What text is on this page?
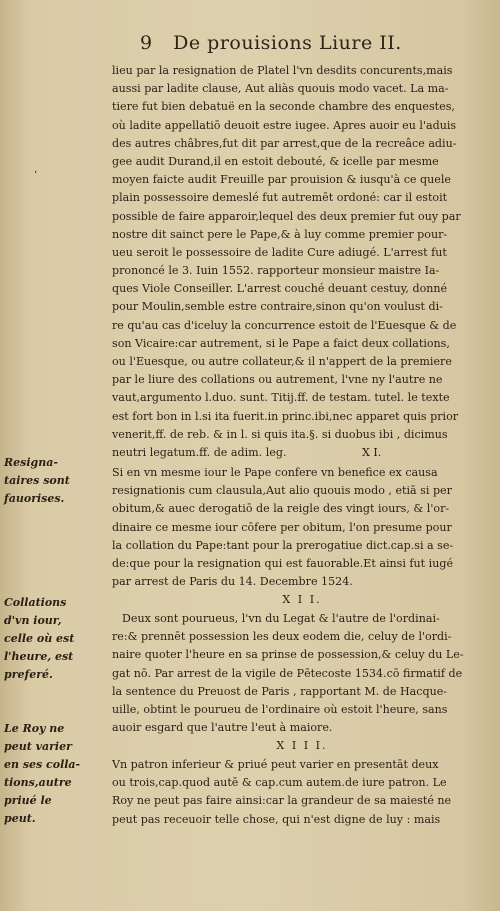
9 De prouisions Liure II.
‘
lieu par la resignation de Platel l'vn desdits concurents,mais
aussi par ladite clause, Aut aliàs quouis modo vacet. La ma-
tiere fut bien debatuë en la seconde chambre des enquestes,
où ladite appellatiō deuoit estre iugee. Apres auoir eu l'aduis
des autres châbres,fut dit par arrest,que de la recreâce adiu-
gee audit Durand,il en estoit debouté, & icelle par mesme
moyen faicte audit Freuille par prouision & iusqu'à ce quele
plain possessoire demeslé fut autremēt ordoné: car il estoit
possible de faire apparoir,lequel des deux premier fut ouy par
nostre dit sainct pere le Pape,& à luy comme premier pour-
ueu seroit le possessoire de ladite Cure adiugé. L'arrest fut
prononcé le 3. Iuin 1552. rapporteur monsieur maistre Ia-
ques Viole Conseiller. L'arrest couché deuant cestuy, donné
pour Moulin,semble estre contraire,sinon qu'on voulust di-
re qu'au cas d'iceluy la concurrence estoit de l'Euesque & de
son Vicaire:car autrement, si le Pape a faict deux collations,
ou l'Euesque, ou autre collateur,& il n'appert de la premiere
par le liure des collations ou autrement, l'vne ny l'autre ne
vaut,argumento l.duo. sunt. Titij.ff. de testam. tutel. le texte
est fort bon in l.si ita fuerit.in princ.ibi,nec apparet quis prior
venerit,ff. de reb. & in l. si quis ita.§. si duobus ibi , dicimus
neutri legatum.ff. de adim. leg.	X I.
Resigna-
taires sont
fauorises.
Si en vn mesme iour le Pape confere vn benefice ex causa
resignationis cum clausula,Aut alio quouis modo , etiā si per
obitum,& auec derogatiō de la reigle des vingt iours, & l'or-
dinaire ce mesme iour cōfere per obitum, l'on presume pour
la collation du Pape:tant pour la prerogatiue dict.cap.si a se-
de:que pour la resignation qui est fauorable.Et ainsi fut iugé
par arrest de Paris du 14. Decembre 1524.
X I I.
Collations
d'vn iour,
celle où est
l'heure, est
preferé.
Deux sont pourueus, l'vn du Legat & l'autre de l'ordinai-
re:& prennēt possession les deux eodem die, celuy de l'ordi-
naire quoter l'heure en sa prinse de possession,& celuy du Le-
gat nō. Par arrest de la vigile de Pētecoste 1534.cō firmatif de
la sentence du Preuost de Paris , rapportant M. de Hacque-
uille, obtint le pourueu de l'ordinaire où estoit l'heure, sans
auoir esgard que l'autre l'eut à maiore.
X I I I.
Le Roy ne
peut varier
en ses colla-
tions,autre
priué le
peut.
Vn patron inferieur & priué peut varier en presentāt deux
ou trois,cap.quod autē & cap.cum autem.de iure patron. Le
Roy ne peut pas faire ainsi:car la grandeur de sa maiesté ne
peut pas receuoir telle chose, qui n'est digne de luy : mais
